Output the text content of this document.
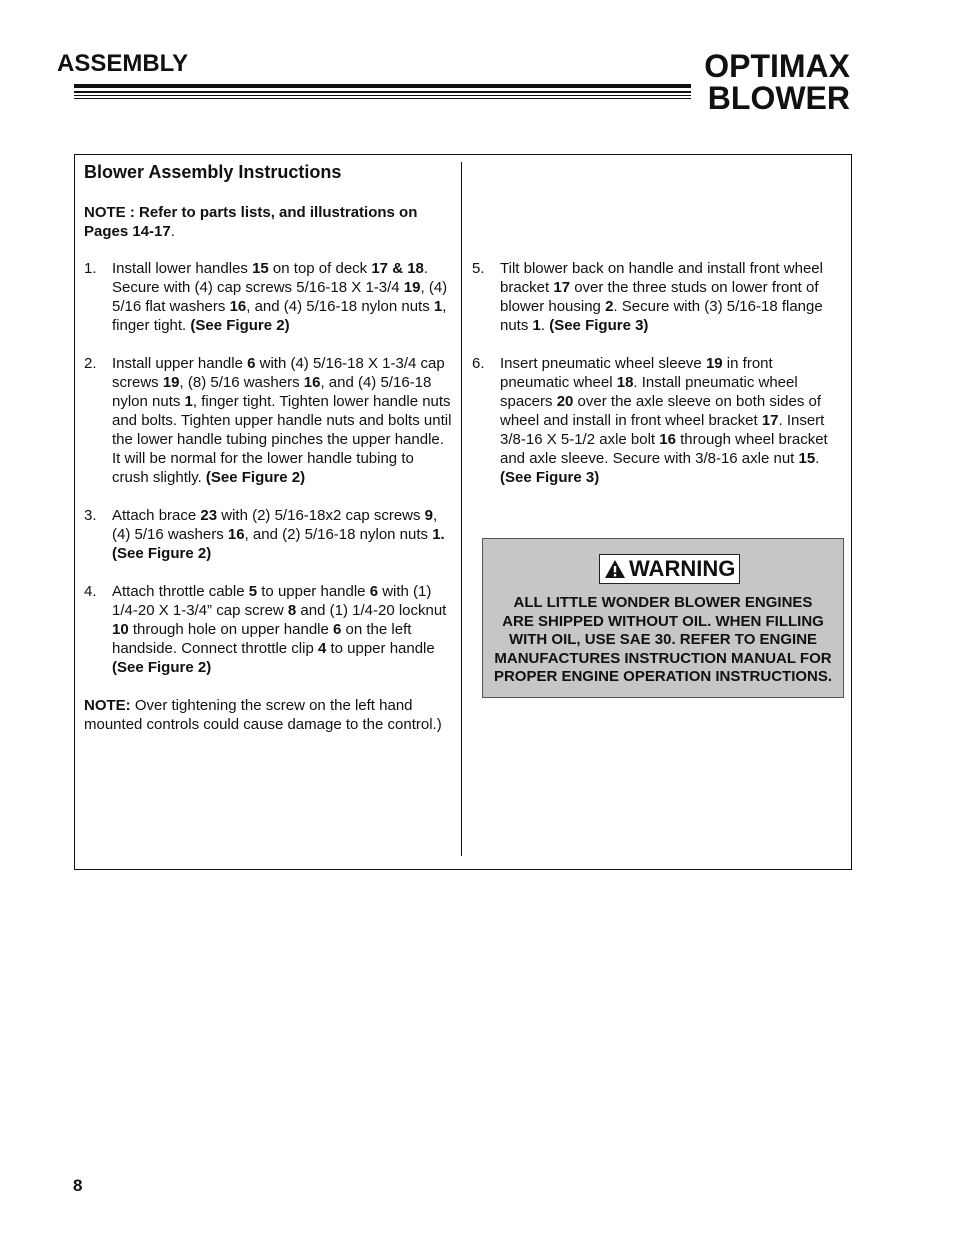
ASSEMBLY	OPTIMAX
BLOWER
Blower Assembly Instructions
NOTE : Refer to parts lists, and illustrations on Pages 14-17.
1.	Install lower handles 15 on top of deck 17 & 18. Secure with (4) cap screws 5/16-18 X 1-3/4 19, (4) 5/16 flat washers 16, and (4) 5/16-18 nylon nuts 1, finger tight. (See Figure 2)
2.	Install upper handle 6 with (4) 5/16-18 X 1-3/4 cap screws 19, (8) 5/16 washers 16, and (4) 5/16-18 nylon nuts 1, finger tight. Tighten lower handle nuts and bolts. Tighten upper handle nuts and bolts until the lower handle tubing pinches the upper handle. It will be normal for the lower handle tubing to crush slightly. (See Figure 2)
3.	Attach brace 23 with (2) 5/16-18x2 cap screws 9, (4) 5/16 washers 16, and (2) 5/16-18 nylon nuts 1. (See Figure 2)
4.	Attach throttle cable 5 to upper handle 6 with (1) 1/4-20 X 1-3/4” cap screw 8 and (1) 1/4-20 locknut 10 through hole on upper handle 6 on the left handside. Connect throttle clip 4 to upper handle (See Figure 2)
NOTE: Over tightening the screw on the left hand mounted controls could cause damage to the control.)
5.	Tilt blower back on handle and install front wheel bracket 17 over the three studs on lower front of blower housing 2. Secure with (3) 5/16-18 flange nuts 1. (See Figure 3)
6.	Insert pneumatic wheel sleeve 19 in front pneumatic wheel 18. Install pneumatic wheel spacers 20 over the axle sleeve on both sides of wheel and install in front wheel bracket 17. Insert 3/8-16 X 5-1/2 axle bolt 16 through wheel bracket and axle sleeve. Secure with 3/8-16 axle nut 15. (See Figure 3)
WARNING
ALL LITTLE WONDER BLOWER ENGINES
ARE SHIPPED WITHOUT OIL. WHEN FILLING
WITH OIL, USE SAE 30. REFER TO ENGINE
MANUFACTURES INSTRUCTION MANUAL FOR
PROPER ENGINE OPERATION INSTRUCTIONS.
8
